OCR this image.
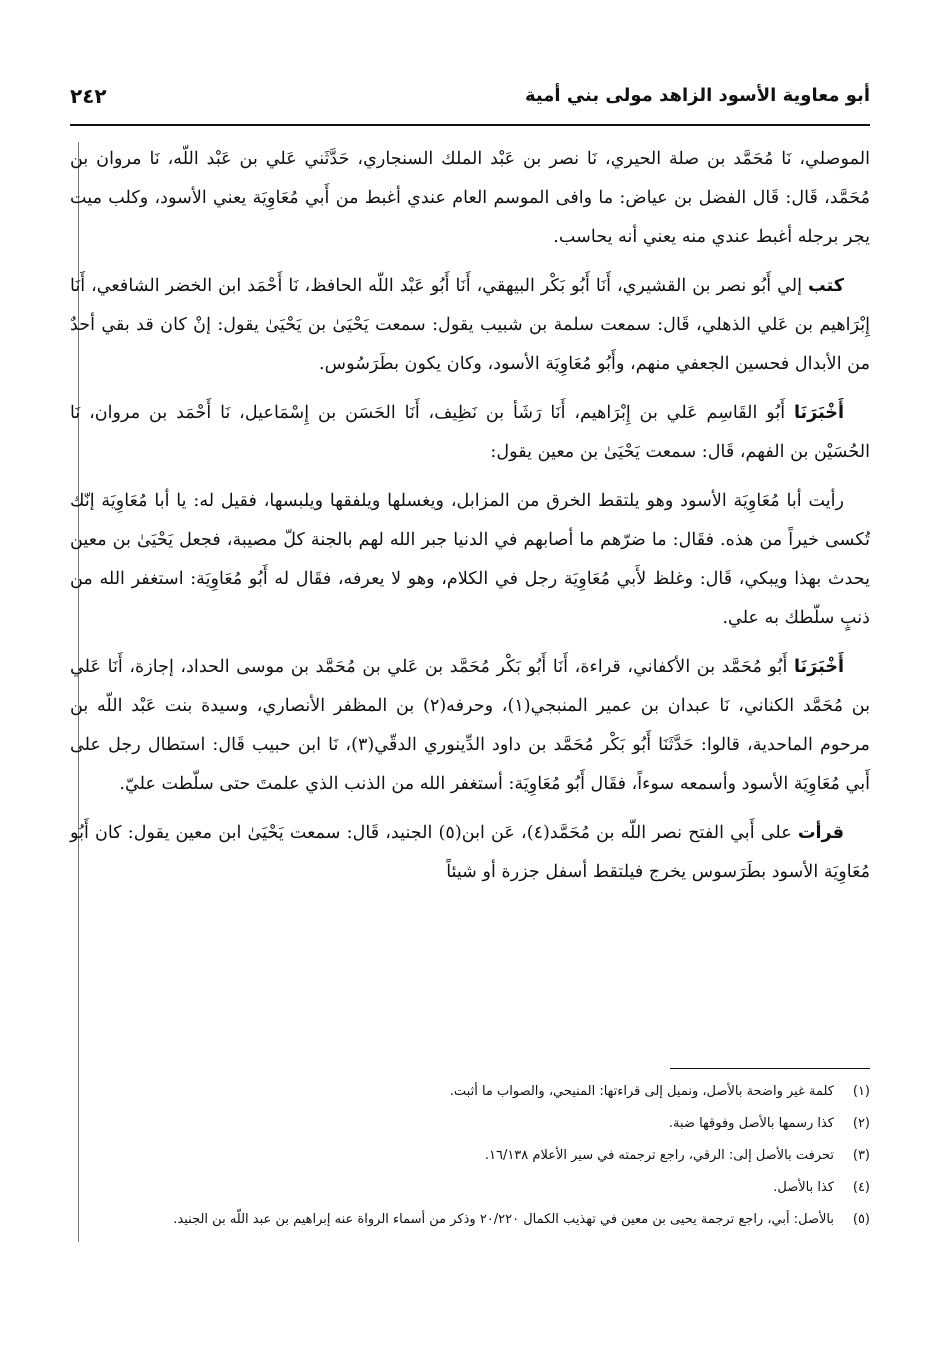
أبو معاوية الأسود الزاهد مولى بني أمية
٢٤٢

الموصلي، نَا مُحَمَّد بن صلة الحيري، نَا نصر بن عَبْد الملك السنجاري، حَدَّثَني عَلي بن عَبْد اللّه، نَا مروان بن مُحَمَّد، قَال: قَال الفضل بن عياض: ما وافى الموسم العام عندي أغبط من أَبي مُعَاوِيَة يعني الأسود، وكلب ميت يجر برجله أغبط عندي منه يعني أنه يحاسب.

كتب إلي أَبُو نصر بن القشيري، أَنَا أَبُو بَكْر البيهقي، أَنَا أَبُو عَبْد اللّه الحافظ، نَا أَحْمَد ابن الخضر الشافعي، أَنَا إِبْرَاهيم بن عَلي الذهلي، قَال: سمعت سلمة بن شبيب يقول: سمعت يَحْيَىٰ بن يَحْيَىٰ يقول: إنْ كان قد بقي أحدٌ من الأبدال فحسين الجعفي منهم، وأَبُو مُعَاوِيَة الأسود، وكان يكون بطَرَسُوس.

أَخْبَرَنَا أَبُو القَاسِم عَلي بن إِبْرَاهيم، أَنَا رَشَأ بن نَظِيف، أَنَا الحَسَن بن إِسْمَاعيل، نَا أَحْمَد بن مروان، نَا الحُسَيْن بن الفهم، قَال: سمعت يَحْيَىٰ بن معين يقول:

رأيت أبا مُعَاوِيَة الأسود وهو يلتقط الخرق من المزابل، ويغسلها ويلفقها ويلبسها، فقيل له: يا أبا مُعَاوِيَة إنّك تُكسى خيراً من هذه. فقَال: ما ضرّهم ما أصابهم في الدنيا جبر الله لهم بالجنة كلّ مصيبة، فجعل يَحْيَىٰ بن معين يحدث بهذا ويبكي، قَال: وغلظ لأَبي مُعَاوِيَة رجل في الكلام، وهو لا يعرفه، فقَال له أَبُو مُعَاوِيَة: استغفر الله من ذنبٍ سلّطك به علي.

أَخْبَرَنَا أَبُو مُحَمَّد بن الأكفاني، قراءة، أَنَا أَبُو بَكْر مُحَمَّد بن عَلي بن مُحَمَّد بن موسى الحداد، إجازة، أَنَا عَلي بن مُحَمَّد الكناني، نَا عبدان بن عمير المنبجي(١)، وحرفه(٢) بن المظفر الأنصاري، وسيدة بنت عَبْد اللّه بن مرحوم الماحدية، قالوا: حَدَّثَنَا أَبُو بَكْر مُحَمَّد بن داود الدِّينوري الدقّي(٣)، نَا ابن حبيب قَال: استطال رجل على أَبي مُعَاوِيَة الأسود وأسمعه سوءاً، فقَال أَبُو مُعَاوِيَة: أستغفر الله من الذنب الذي علمتَ حتى سلّطت عليّ.

قرأت على أَبي الفتح نصر اللّه بن مُحَمَّد(٤)، عَن ابن(٥) الجنيد، قَال: سمعت يَحْيَىٰ ابن معين يقول: كان أَبُو مُعَاوِيَة الأسود بطَرَسوس يخرج فيلتقط أسفل جزرة أو شيئاً

(١)
كلمة غير واضحة بالأصل، ونميل إلى قراءتها: المنيحي، والصواب ما أثبت.
(٢)
كذا رسمها بالأصل وفوقها ضبة.
(٣)
تحرفت بالأصل إلى: الرقي، راجع ترجمته في سير الأعلام ١٦/١٣٨.
(٤)
كذا بالأصل.
(٥)
بالأصل: أبي، راجع ترجمة يحيى بن معين في تهذيب الكمال ٢٠/٢٢٠ وذكر من أسماء الرواة عنه إبراهيم بن عبد اللّه بن الجنيد.
